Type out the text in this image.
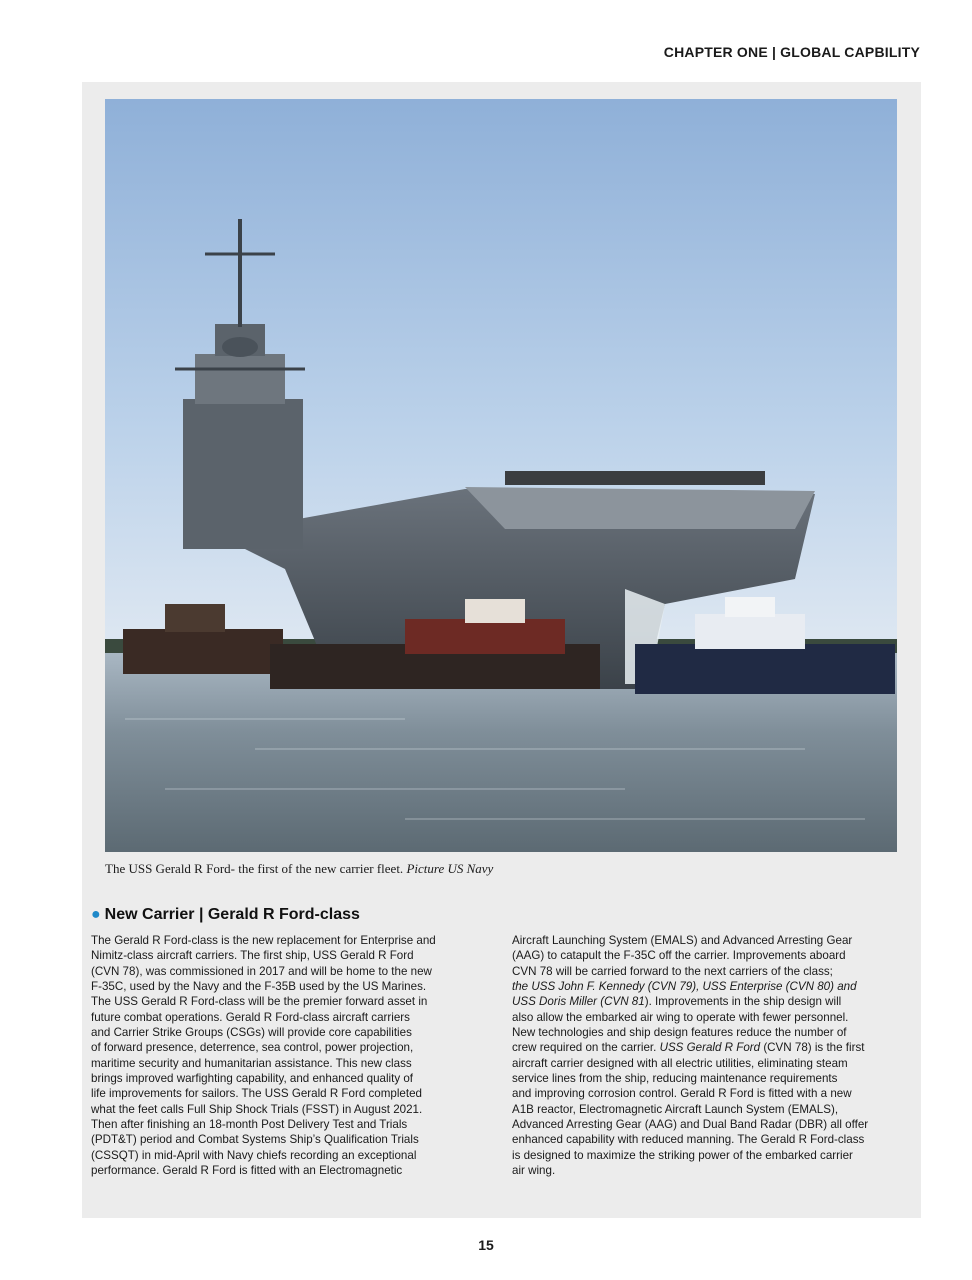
CHAPTER ONE | GLOBAL CAPBILITY
The USS Gerald R Ford- the first of the new carrier fleet. Picture US Navy
● New Carrier | Gerald R Ford-class
The Gerald R Ford-class is the new replacement for Enterprise and
Nimitz-class aircraft carriers. The first ship, USS Gerald R Ford
(CVN 78), was commissioned in 2017 and will be home to the new
F-35C, used by the Navy and the F-35B used by the US Marines.
The USS Gerald R Ford-class will be the premier forward asset in
future combat operations. Gerald R Ford-class aircraft carriers
and Carrier Strike Groups (CSGs) will provide core capabilities
of forward presence, deterrence, sea control, power projection,
maritime security and humanitarian assistance. This new class
brings improved warfighting capability, and enhanced quality of
life improvements for sailors. The USS Gerald R Ford completed
what the feet calls Full Ship Shock Trials (FSST) in August 2021.
Then after finishing an 18-month Post Delivery Test and Trials
(PDT&T) period and Combat Systems Ship’s Qualification Trials
(CSSQT) in mid-April with Navy chiefs recording an exceptional
performance. Gerald R Ford is fitted with an Electromagnetic
Aircraft Launching System (EMALS) and Advanced Arresting Gear
(AAG) to catapult the F-35C off the carrier. Improvements aboard
CVN 78 will be carried forward to the next carriers of the class;
the USS John F. Kennedy (CVN 79), USS Enterprise (CVN 80) and
USS Doris Miller (CVN 81). Improvements in the ship design will
also allow the embarked air wing to operate with fewer personnel.
New technologies and ship design features reduce the number of
crew required on the carrier. USS Gerald R Ford (CVN 78) is the first
aircraft carrier designed with all electric utilities, eliminating steam
service lines from the ship, reducing maintenance requirements
and improving corrosion control. Gerald R Ford is fitted with a new
A1B reactor, Electromagnetic Aircraft Launch System (EMALS),
Advanced Arresting Gear (AAG) and Dual Band Radar (DBR) all offer
enhanced capability with reduced manning. The Gerald R Ford-class
is designed to maximize the striking power of the embarked carrier
air wing.
15
